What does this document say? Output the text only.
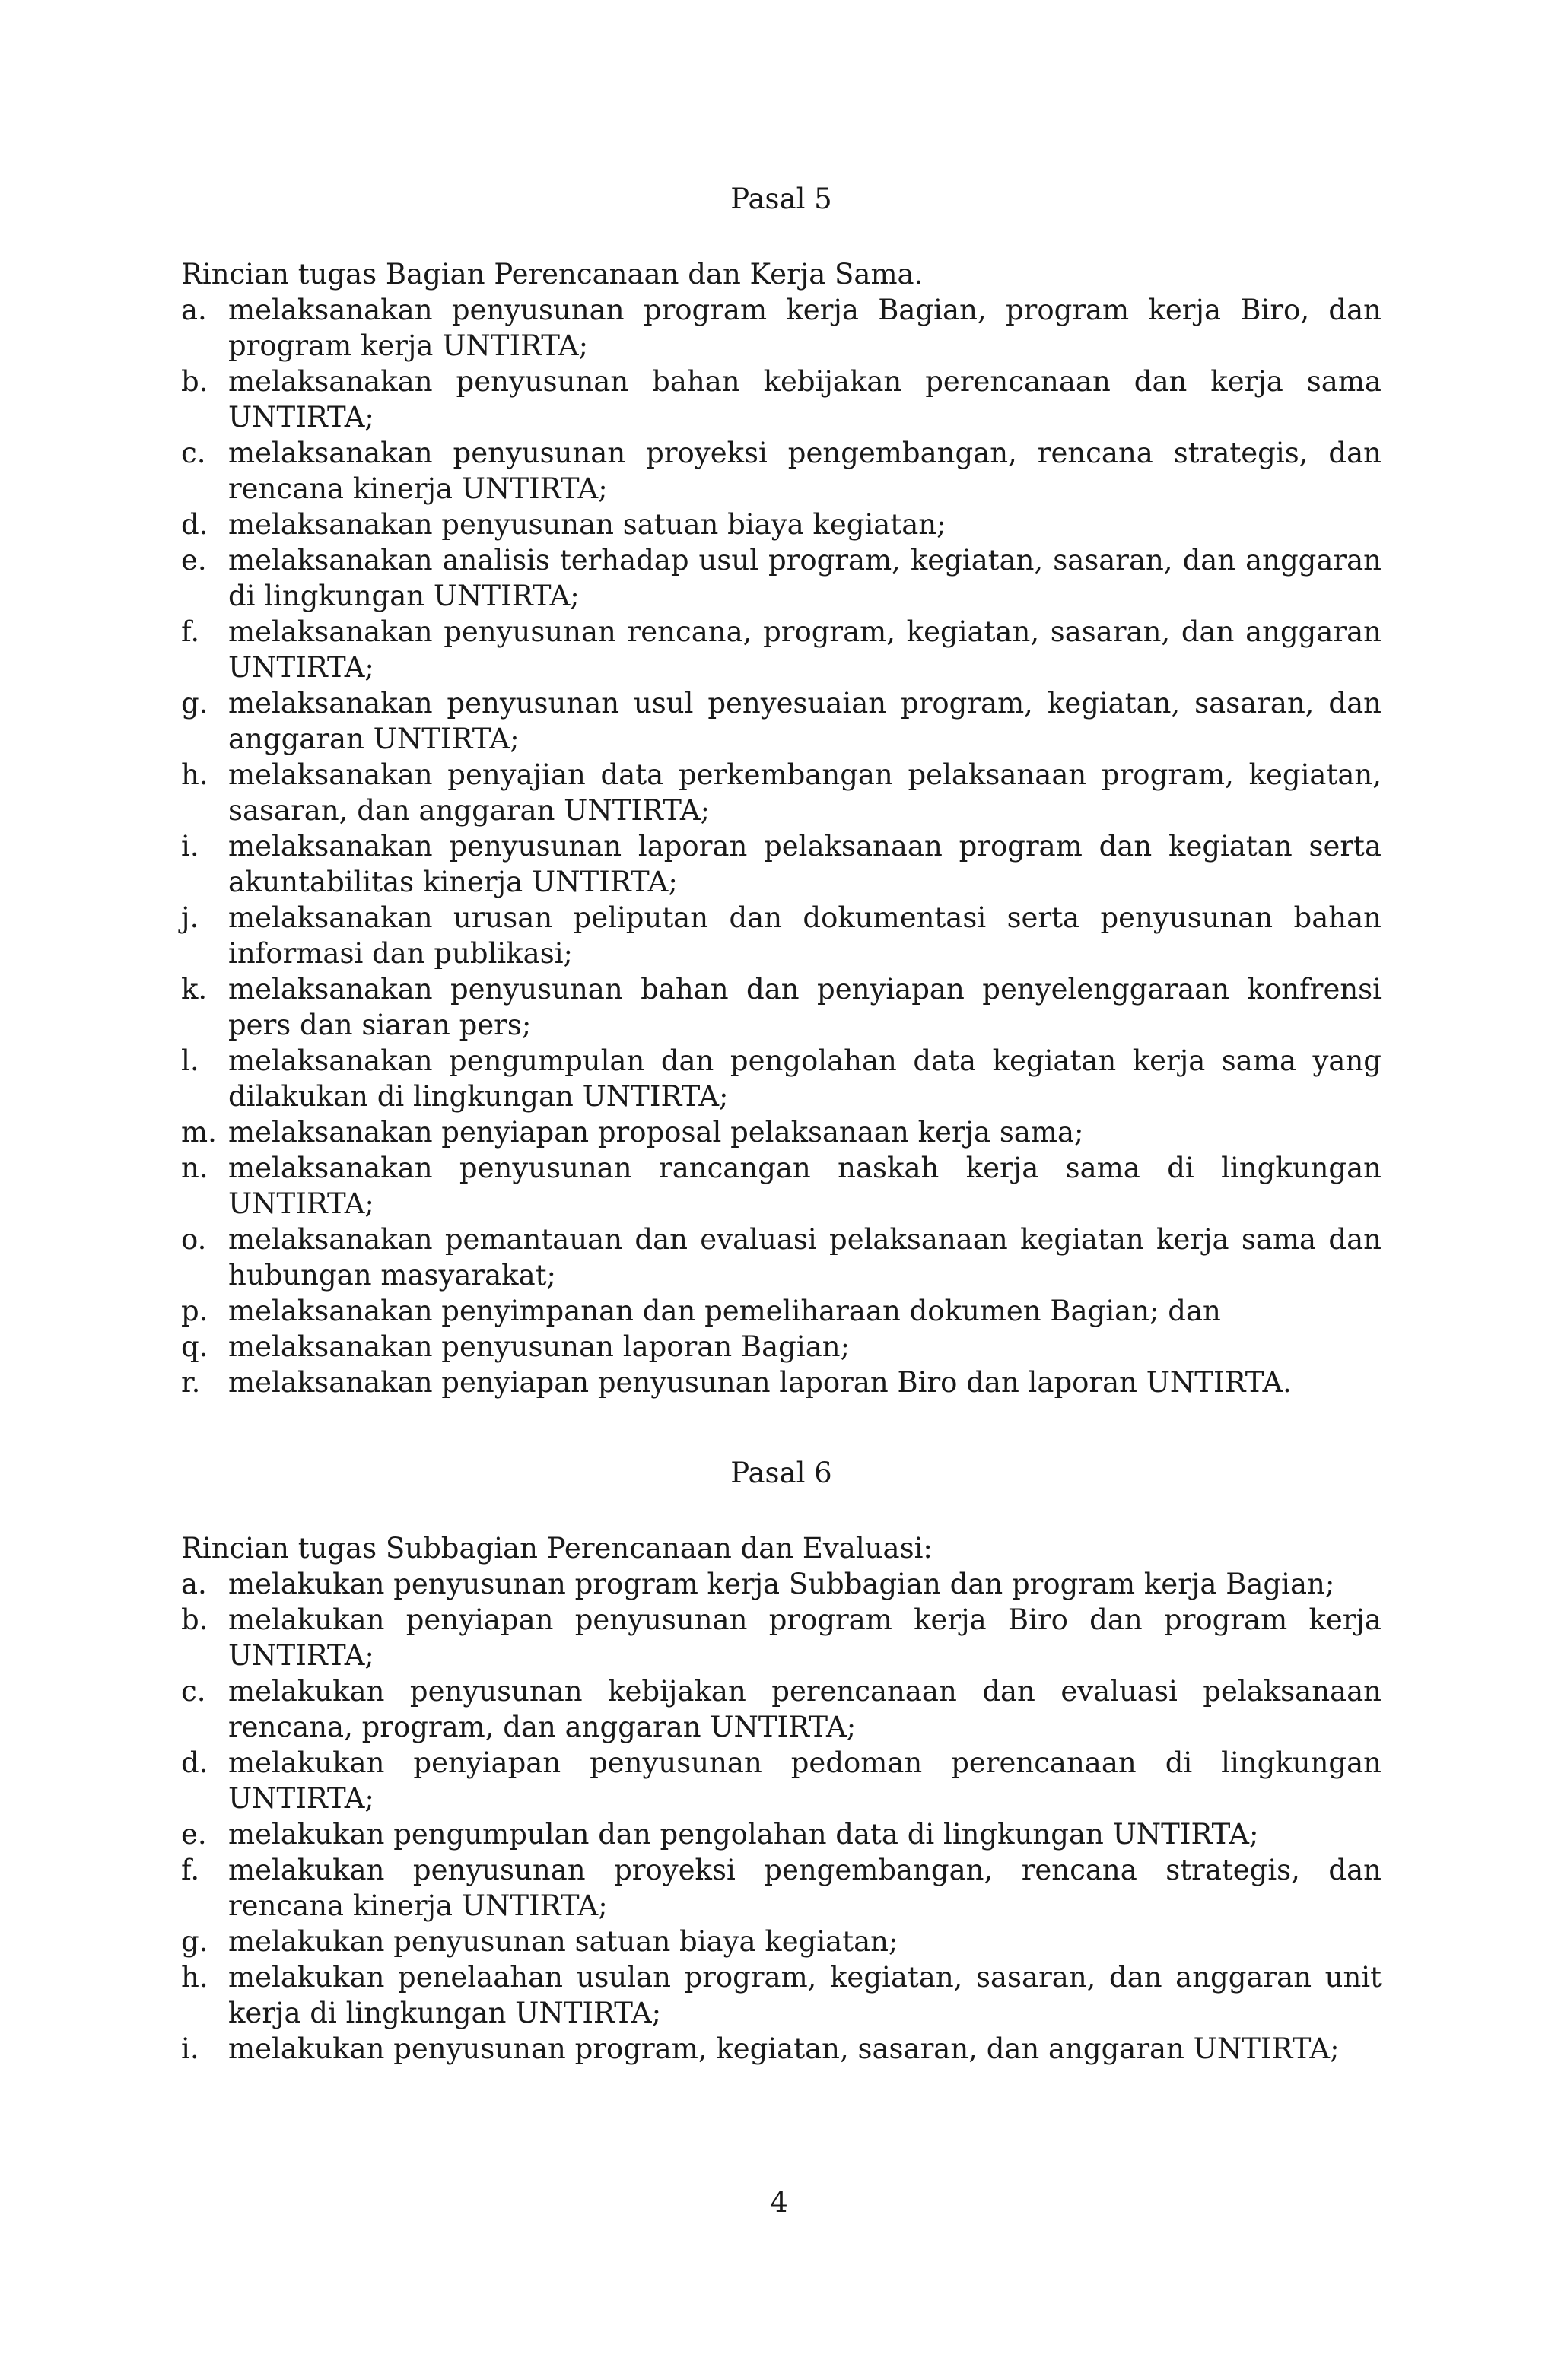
Pasal 5

Rincian tugas Bagian Perencanaan dan Kerja Sama.

a. melaksanakan penyusunan program kerja Bagian, program kerja Biro, dan program kerja UNTIRTA;
b. melaksanakan penyusunan bahan kebijakan perencanaan dan kerja sama UNTIRTA;
c. melaksanakan penyusunan proyeksi pengembangan, rencana strategis, dan rencana kinerja UNTIRTA;
d. melaksanakan penyusunan satuan biaya kegiatan;
e. melaksanakan analisis terhadap usul program, kegiatan, sasaran, dan anggaran di lingkungan UNTIRTA;
f.	melaksanakan penyusunan rencana, program, kegiatan, sasaran, dan anggaran UNTIRTA;
g. melaksanakan penyusunan usul penyesuaian program, kegiatan, sasaran, dan anggaran UNTIRTA;
h. melaksanakan penyajian data perkembangan pelaksanaan program, kegiatan, sasaran, dan anggaran UNTIRTA;
i.	melaksanakan penyusunan laporan pelaksanaan program dan kegiatan serta akuntabilitas kinerja UNTIRTA;
j.	melaksanakan urusan peliputan dan dokumentasi serta penyusunan bahan informasi dan publikasi;
k. melaksanakan penyusunan bahan dan penyiapan penyelenggaraan konfrensi pers dan siaran pers;
l.	melaksanakan pengumpulan dan pengolahan data kegiatan kerja sama yang dilakukan di lingkungan UNTIRTA;
m. melaksanakan penyiapan proposal pelaksanaan kerja sama;
n. melaksanakan penyusunan rancangan naskah kerja sama di lingkungan UNTIRTA;
o. melaksanakan pemantauan dan evaluasi pelaksanaan kegiatan kerja sama dan hubungan masyarakat;
p. melaksanakan penyimpanan dan pemeliharaan dokumen Bagian; dan
q. melaksanakan penyusunan laporan Bagian;
r. melaksanakan penyiapan penyusunan laporan Biro dan laporan UNTIRTA.
Pasal 6

Rincian tugas Subbagian Perencanaan dan Evaluasi:

a. melakukan penyusunan program kerja Subbagian dan program kerja Bagian;
b. melakukan penyiapan penyusunan program kerja Biro dan program kerja UNTIRTA;
c. melakukan penyusunan kebijakan perencanaan dan evaluasi pelaksanaan rencana, program, dan anggaran UNTIRTA;
d. melakukan penyiapan penyusunan pedoman perencanaan di lingkungan UNTIRTA;
e. melakukan pengumpulan dan pengolahan data di lingkungan UNTIRTA;
f.	melakukan penyusunan proyeksi pengembangan, rencana strategis, dan rencana kinerja UNTIRTA;
g. melakukan penyusunan satuan biaya kegiatan;
h. melakukan penelaahan usulan program, kegiatan, sasaran, dan anggaran unit kerja di lingkungan UNTIRTA;
i.	melakukan penyusunan program, kegiatan, sasaran, dan anggaran UNTIRTA;
4
